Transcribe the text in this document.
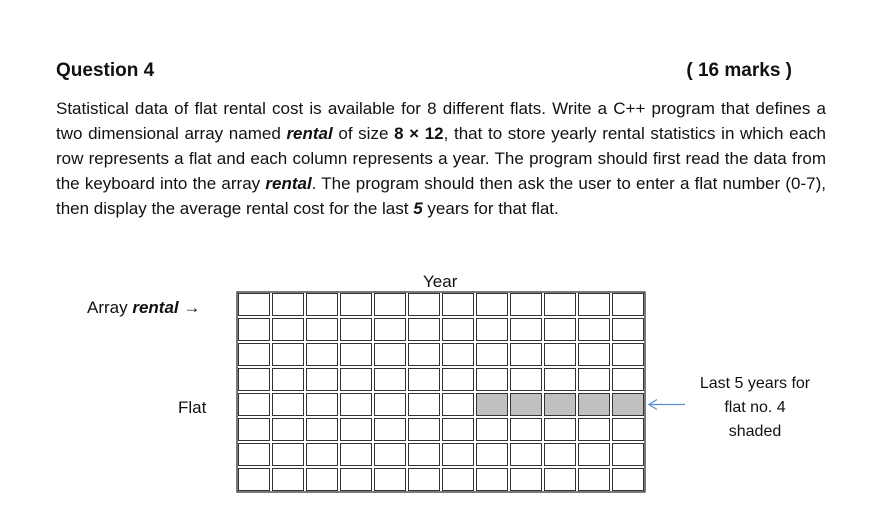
Question 4	( 16 marks )
Statistical data of flat rental cost is available for 8 different flats. Write a C++ program that defines a two dimensional array named rental of size 8 × 12, that to store yearly rental statistics in which each row represents a flat and each column represents a year. The program should first read the data from the keyboard into the array rental. The program should then ask the user to enter a flat number (0-7), then display the average rental cost for the last 5 years for that flat.
Year
Array rental →
Flat
Last 5 years for
flat no. 4
shaded
